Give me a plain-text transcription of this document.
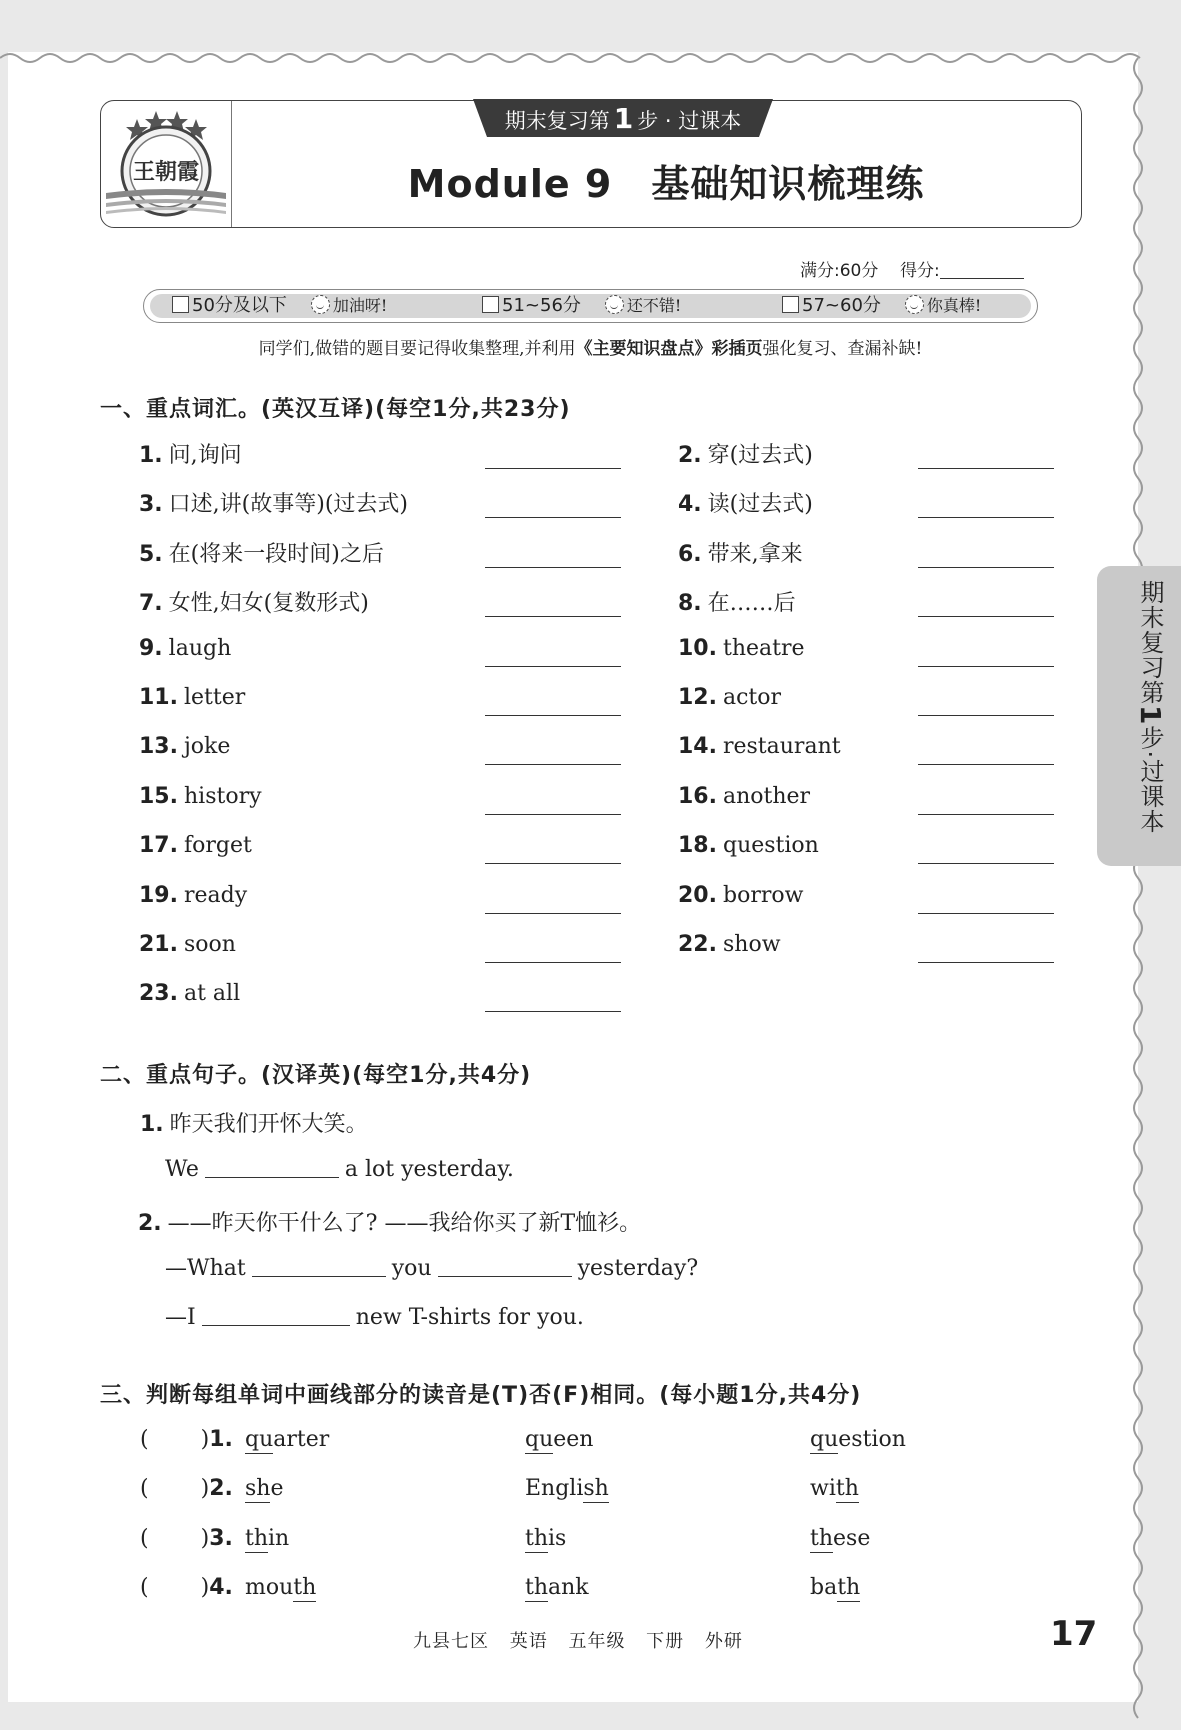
王朝霞
期末复习第 1 步 · 过课本
Module 9　基础知识梳理练
满分:60分 得分:
50分及以下	加油呀!	51~56分	还不错!	57~60分	你真棒!
同学们,做错的题目要记得收集整理,并利用《主要知识盘点》彩插页强化复习、查漏补缺!
一、重点词汇。(英汉互译)(每空1分,共23分)
1. 问,询问	2. 穿(过去式)
3. 口述,讲(故事等)(过去式)	4. 读(过去式)
5. 在(将来一段时间)之后	6. 带来,拿来
7. 女性,妇女(复数形式)	8. 在……后
9. laugh	10. theatre
11. letter	12. actor
13. joke	14. restaurant
15. history	16. another
17. forget	18. question
19. ready	20. borrow
21. soon	22. show
23. at all
二、重点句子。(汉译英)(每空1分,共4分)
1. 昨天我们开怀大笑。
We	a lot yesterday.
2. ——昨天你干什么了? ——我给你买了新T恤衫。
—What	you	yesterday?
—I	new T-shirts for you.
三、判断每组单词中画线部分的读音是(T)否(F)相同。(每小题1分,共4分)
( )1. quarter	queen	question
( )2. she	English	with
( )3. thin	this	these
( )4. mouth	thank	bath
期末复习第1步·过课本
九县七区 英语 五年级 下册 外研	17
